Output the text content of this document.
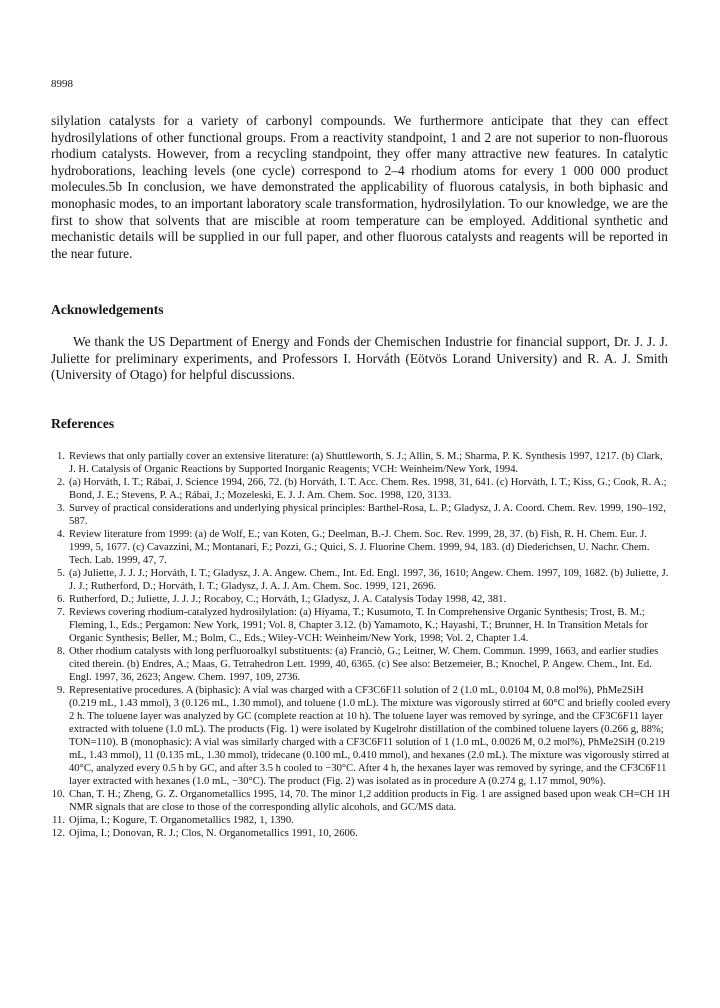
8998

silylation catalysts for a variety of carbonyl compounds. We furthermore anticipate that they can effect hydrosilylations of other functional groups. From a reactivity standpoint, 1 and 2 are not superior to non-fluorous rhodium catalysts. However, from a recycling standpoint, they offer many attractive new features. In catalytic hydroborations, leaching levels (one cycle) correspond to 2–4 rhodium atoms for every 1 000 000 product molecules.5b In conclusion, we have demonstrated the applicability of fluorous catalysis, in both biphasic and monophasic modes, to an important laboratory scale transformation, hydrosilylation. To our knowledge, we are the first to show that solvents that are miscible at room temperature can be employed. Additional synthetic and mechanistic details will be supplied in our full paper, and other fluorous catalysts and reagents will be reported in the near future.

Acknowledgements

We thank the US Department of Energy and Fonds der Chemischen Industrie for financial support, Dr. J. J. J. Juliette for preliminary experiments, and Professors I. Horváth (Eötvös Lorand University) and R. A. J. Smith (University of Otago) for helpful discussions.

References
1. Reviews that only partially cover an extensive literature: (a) Shuttleworth, S. J.; Allin, S. M.; Sharma, P. K. Synthesis 1997, 1217. (b) Clark, J. H. Catalysis of Organic Reactions by Supported Inorganic Reagents; VCH: Weinheim/New York, 1994.
2. (a) Horváth, I. T.; Rábai, J. Science 1994, 266, 72. (b) Horváth, I. T. Acc. Chem. Res. 1998, 31, 641. (c) Horváth, I. T.; Kiss, G.; Cook, R. A.; Bond, J. E.; Stevens, P. A.; Rábai, J.; Mozeleski, E. J. J. Am. Chem. Soc. 1998, 120, 3133.
3. Survey of practical considerations and underlying physical principles: Barthel-Rosa, L. P.; Gladysz, J. A. Coord. Chem. Rev. 1999, 190–192, 587.
4. Review literature from 1999: (a) de Wolf, E.; van Koten, G.; Deelman, B.-J. Chem. Soc. Rev. 1999, 28, 37. (b) Fish, R. H. Chem. Eur. J. 1999, 5, 1677. (c) Cavazzini, M.; Montanari, F.; Pozzi, G.; Quici, S. J. Fluorine Chem. 1999, 94, 183. (d) Diederichsen, U. Nachr. Chem. Tech. Lab. 1999, 47, 7.
5. (a) Juliette, J. J. J.; Horváth, I. T.; Gladysz, J. A. Angew. Chem., Int. Ed. Engl. 1997, 36, 1610; Angew. Chem. 1997, 109, 1682. (b) Juliette, J. J. J.; Rutherford, D.; Horváth, I. T.; Gladysz, J. A. J. Am. Chem. Soc. 1999, 121, 2696.
6. Rutherford, D.; Juliette, J. J. J.; Rocaboy, C.; Horváth, I.; Gladysz, J. A. Catalysis Today 1998, 42, 381.
7. Reviews covering rhodium-catalyzed hydrosilylation: (a) Hiyama, T.; Kusumoto, T. In Comprehensive Organic Synthesis; Trost, B. M.; Fleming, I., Eds.; Pergamon: New York, 1991; Vol. 8, Chapter 3.12. (b) Yamamoto, K.; Hayashi, T.; Brunner, H. In Transition Metals for Organic Synthesis; Beller, M.; Bolm, C., Eds.; Wiley-VCH: Weinheim/New York, 1998; Vol. 2, Chapter 1.4.
8. Other rhodium catalysts with long perfluoroalkyl substituents: (a) Franciò, G.; Leitner, W. Chem. Commun. 1999, 1663, and earlier studies cited therein. (b) Endres, A.; Maas, G. Tetrahedron Lett. 1999, 40, 6365. (c) See also: Betzemeier, B.; Knochel, P. Angew. Chem., Int. Ed. Engl. 1997, 36, 2623; Angew. Chem. 1997, 109, 2736.
9. Representative procedures. A (biphasic): A vial was charged with a CF3C6F11 solution of 2 (1.0 mL, 0.0104 M, 0.8 mol%), PhMe2SiH (0.219 mL, 1.43 mmol), 3 (0.126 mL, 1.30 mmol), and toluene (1.0 mL). The mixture was vigorously stirred at 60°C and briefly cooled every 2 h. The toluene layer was analyzed by GC (complete reaction at 10 h). The toluene layer was removed by syringe, and the CF3C6F11 layer extracted with toluene (1.0 mL). The products (Fig. 1) were isolated by Kugelrohr distillation of the combined toluene layers (0.266 g, 88%; TON=110). B (monophasic): A vial was similarly charged with a CF3C6F11 solution of 1 (1.0 mL, 0.0026 M, 0.2 mol%), PhMe2SiH (0.219 mL, 1.43 mmol), 11 (0.135 mL, 1.30 mmol), tridecane (0.100 mL, 0.410 mmol), and hexanes (2.0 mL). The mixture was vigorously stirred at 40°C, analyzed every 0.5 h by GC, and after 3.5 h cooled to −30°C. After 4 h, the hexanes layer was removed by syringe, and the CF3C6F11 layer extracted with hexanes (1.0 mL, −30°C). The product (Fig. 2) was isolated as in procedure A (0.274 g, 1.17 mmol, 90%).
10. Chan, T. H.; Zheng, G. Z. Organometallics 1995, 14, 70. The minor 1,2 addition products in Fig. 1 are assigned based upon weak CH=CH 1H NMR signals that are close to those of the corresponding allylic alcohols, and GC/MS data.
11. Ojima, I.; Kogure, T. Organometallics 1982, 1, 1390.
12. Ojima, I.; Donovan, R. J.; Clos, N. Organometallics 1991, 10, 2606.
